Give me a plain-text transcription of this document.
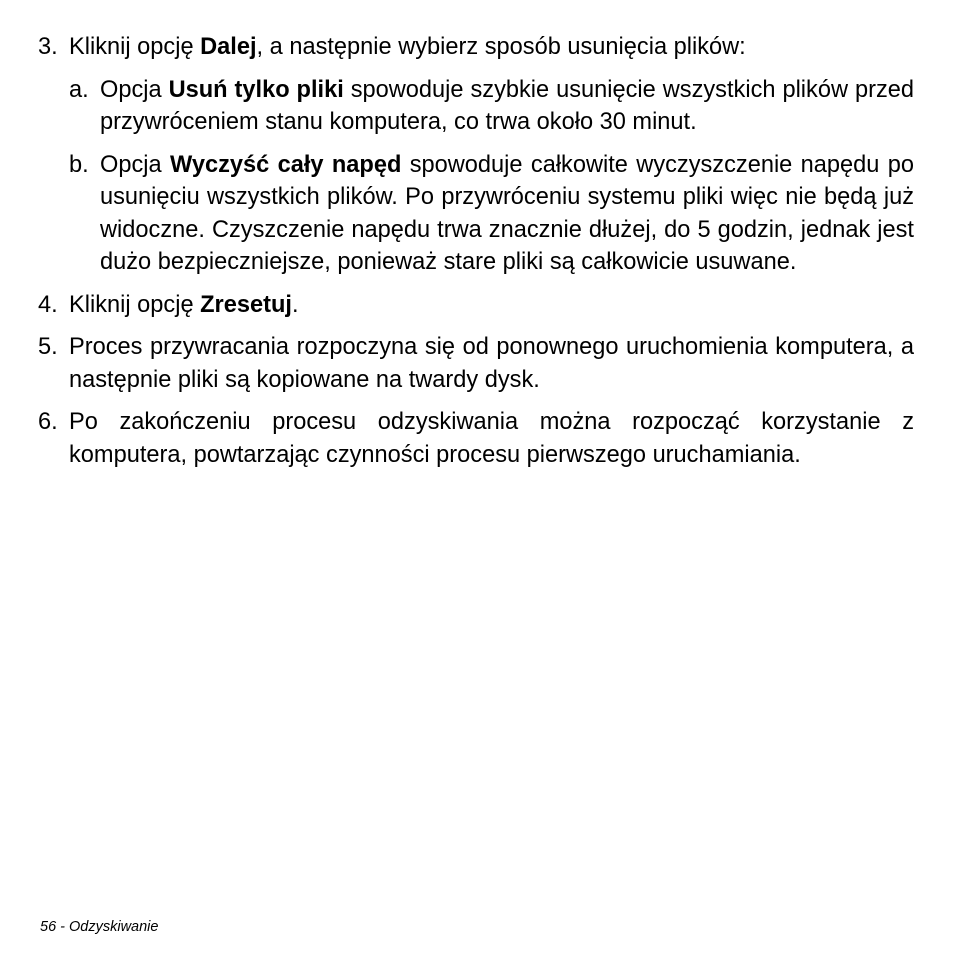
3. Kliknij opcję Dalej, a następnie wybierz sposób usunięcia plików:
a. Opcja Usuń tylko pliki spowoduje szybkie usunięcie wszystkich plików przed przywróceniem stanu komputera, co trwa około 30 minut.
b. Opcja Wyczyść cały napęd spowoduje całkowite wyczyszczenie napędu po usunięciu wszystkich plików. Po przywróceniu systemu pliki więc nie będą już widoczne. Czyszczenie napędu trwa znacznie dłużej, do 5 godzin, jednak jest dużo bezpieczniejsze, ponieważ stare pliki są całkowicie usuwane.
4. Kliknij opcję Zresetuj.
5. Proces przywracania rozpoczyna się od ponownego uruchomienia komputera, a następnie pliki są kopiowane na twardy dysk.
6. Po zakończeniu procesu odzyskiwania można rozpocząć korzystanie z komputera, powtarzając czynności procesu pierwszego uruchamiania.
56 - Odzyskiwanie
